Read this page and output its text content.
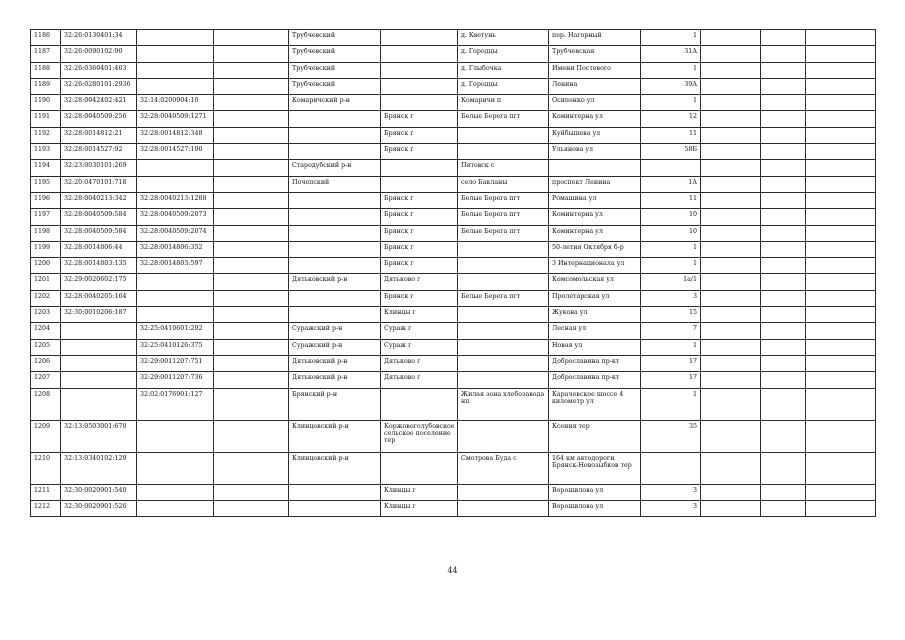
1186	32:26:0130401:34			Трубчевский		д. Кветунь	пер. Нагорный	1			
1187	32:26:0090102:90			Трубчевский		д. Городцы	Трубчевская	31А			
1188	32:26:0360401:403			Трубчевский		д. Глыбочка	Имени Постевого	1			
1189	32:26:0280101:2936			Трубчевский		д. Городцы	Ленина	39А			
1190	32:28:0042402:421	32:14:0200904:10		Комаричский р-н		Комаричи п	Осипенко ул	1			
1191	32:28:0040509:256	32:28:0040509:1271			Брянск г	Белые Берега пгт	Коминтерна ул	12			
1192	32:28:0014812:21	32:28:0014812:348			Брянск г		Куйбышева ул	11			
1193	32:28:0014527:92	32:28:0014527:190			Брянск г		Ульянова ул	58Б			
1194	32:23:0030101:269			Стародубский р-н		Пятовск с					
1195	32:20:0470101:718			Почепский		село Бакланы	проспект Ленина	1А			
1196	32:28:0040213:342	32:28:0040213:1288			Брянск г	Белые Берега пгт	Ромашина ул	11			
1197	32:28:0040509:584	32:28:0040509:2073			Брянск г	Белые Берега пгт	Коминтерна ул	10			
1198	32:28:0040509:584	32:28:0040509:2074			Брянск г	Белые Берега пгт	Коминтерна ул	10			
1199	32:28:0014806:44	32:28:0014806:352			Брянск г		50-летия Октября б-р	1			
1200	32:28:0014803:135	32:28:0014803:597			Брянск г		3 Интернационала ул	1			
1201	32:29:0020602:175			Дятьковский р-н	Дятьково г		Комсомольская ул	1а/1			
1202	32:28:0040205:164				Брянск г	Белые Берега пгт	Пролетарская ул	3			
1203	32:30:0010206:187				Клинцы г		Жукова ул	15			
1204		32:25:0410601:292		Суражский р-н	Сураж г		Лесная ул	7			
1205		32:25:0410126:375		Суражский р-н	Сураж г		Новая ул	1			
1206		32:29:0011207:751		Дятьковский р-н	Дятьково г		Доброславина пр-кт	17			
1207		32:29:0011207:736		Дятьковский р-н	Дятьково г		Доброславина пр-кт	17			
1208		32:02:0176901:127		Брянский р-н		Жилая зона хлебозавода нп	Карачевское шоссе 4 километр ул	1			
1209	32:13:0503001:670			Клинцовский р-н	Коржовоголубовское сельское поселение тер		Ксения тер	35			
1210	32:13:0340102:129			Клинцовский р-н		Смотрова Буда с	164 км автодороги Брянск-Новозыбков тер				
1211	32:30:0020901:540				Клинцы г		Ворошилова ул	3			
1212	32:30:0020901:526				Клинцы г		Ворошилова ул	3			
44
